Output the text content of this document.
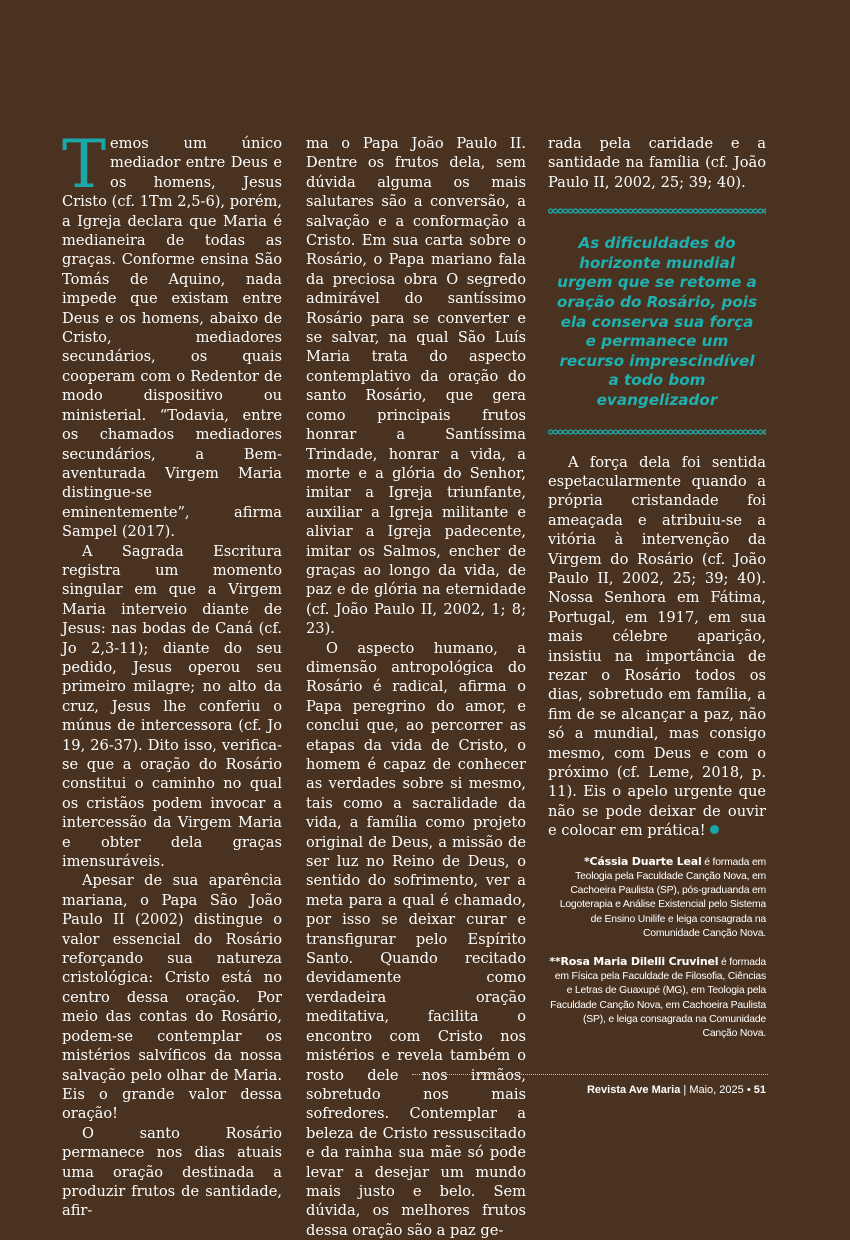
Temos um único mediador entre Deus e os homens, Jesus Cristo (cf. 1Tm 2,5-6), porém, a Igreja declara que Maria é medianeira de todas as graças. Conforme ensina São Tomás de Aquino, nada impede que existam entre Deus e os homens, abaixo de Cristo, mediadores secundários, os quais cooperam com o Redentor de modo dispositivo ou ministerial. “Todavia, entre os chamados mediadores secundários, a Bem-aventurada Virgem Maria distingue-se eminentemente”, afirma Sampel (2017).

A Sagrada Escritura registra um momento singular em que a Virgem Maria interveio diante de Jesus: nas bodas de Caná (cf. Jo 2,3-11); diante do seu pedido, Jesus operou seu primeiro milagre; no alto da cruz, Jesus lhe conferiu o múnus de intercessora (cf. Jo 19, 26-37). Dito isso, verifica-se que a oração do Rosário constitui o caminho no qual os cristãos podem invocar a intercessão da Virgem Maria e obter dela graças imensuráveis.

Apesar de sua aparência mariana, o Papa São João Paulo II (2002) distingue o valor essencial do Rosário reforçando sua natureza cristológica: Cristo está no centro dessa oração. Por meio das contas do Rosário, podem-se contemplar os mistérios salvíficos da nossa salvação pelo olhar de Maria. Eis o grande valor dessa oração!

O santo Rosário permanece nos dias atuais uma oração destinada a produzir frutos de santidade, afir-

ma o Papa João Paulo II. Dentre os frutos dela, sem dúvida alguma os mais salutares são a conversão, a salvação e a conformação a Cristo. Em sua carta sobre o Rosário, o Papa mariano fala da preciosa obra O segredo admirável do santíssimo Rosário para se converter e se salvar, na qual São Luís Maria trata do aspecto contemplativo da oração do santo Rosário, que gera como principais frutos honrar a Santíssima Trindade, honrar a vida, a morte e a glória do Senhor, imitar a Igreja triunfante, auxiliar a Igreja militante e aliviar a Igreja padecente, imitar os Salmos, encher de graças ao longo da vida, de paz e de glória na eternidade (cf. João Paulo II, 2002, 1; 8; 23).

O aspecto humano, a dimensão antropológica do Rosário é radical, afirma o Papa peregrino do amor, e conclui que, ao percorrer as etapas da vida de Cristo, o homem é capaz de conhecer as verdades sobre si mesmo, tais como a sacralidade da vida, a família como projeto original de Deus, a missão de ser luz no Reino de Deus, o sentido do sofrimento, ver a meta para a qual é chamado, por isso se deixar curar e transfigurar pelo Espírito Santo. Quando recitado devidamente como verdadeira oração meditativa, facilita o encontro com Cristo nos mistérios e revela também o rosto dele nos irmãos, sobretudo nos mais sofredores. Contemplar a beleza de Cristo ressuscitado e da rainha sua mãe só pode levar a desejar um mundo mais justo e belo. Sem dúvida, os melhores frutos dessa oração são a paz ge-

rada pela caridade e a santidade na família (cf. João Paulo II, 2002, 25; 39; 40).

As dificuldades do horizonte mundial urgem que se retome a oração do Rosário, pois ela conserva sua força e permanece um recurso imprescindível a todo bom evangelizador

A força dela foi sentida espetacularmente quando a própria cristandade foi ameaçada e atribuiu-se a vitória à intervenção da Virgem do Rosário (cf. João Paulo II, 2002, 25; 39; 40). Nossa Senhora em Fátima, Portugal, em 1917, em sua mais célebre aparição, insistiu na importância de rezar o Rosário todos os dias, sobretudo em família, a fim de se alcançar a paz, não só a mundial, mas consigo mesmo, com Deus e com o próximo (cf. Leme, 2018, p. 11). Eis o apelo urgente que não se pode deixar de ouvir e colocar em prática!

*Cássia Duarte Leal é formada em Teologia pela Faculdade Canção Nova, em Cachoeira Paulista (SP), pós-graduanda em Logoterapia e Análise Existencial pelo Sistema de Ensino Unilife e leiga consagrada na Comunidade Canção Nova.
**Rosa Maria Dilelli Cruvinel é formada em Física pela Faculdade de Filosofia, Ciências e Letras de Guaxupé (MG), em Teologia pela Faculdade Canção Nova, em Cachoeira Paulista (SP), e leiga consagrada na Comunidade Canção Nova.
Revista Ave Maria | Maio, 2025 • 51
